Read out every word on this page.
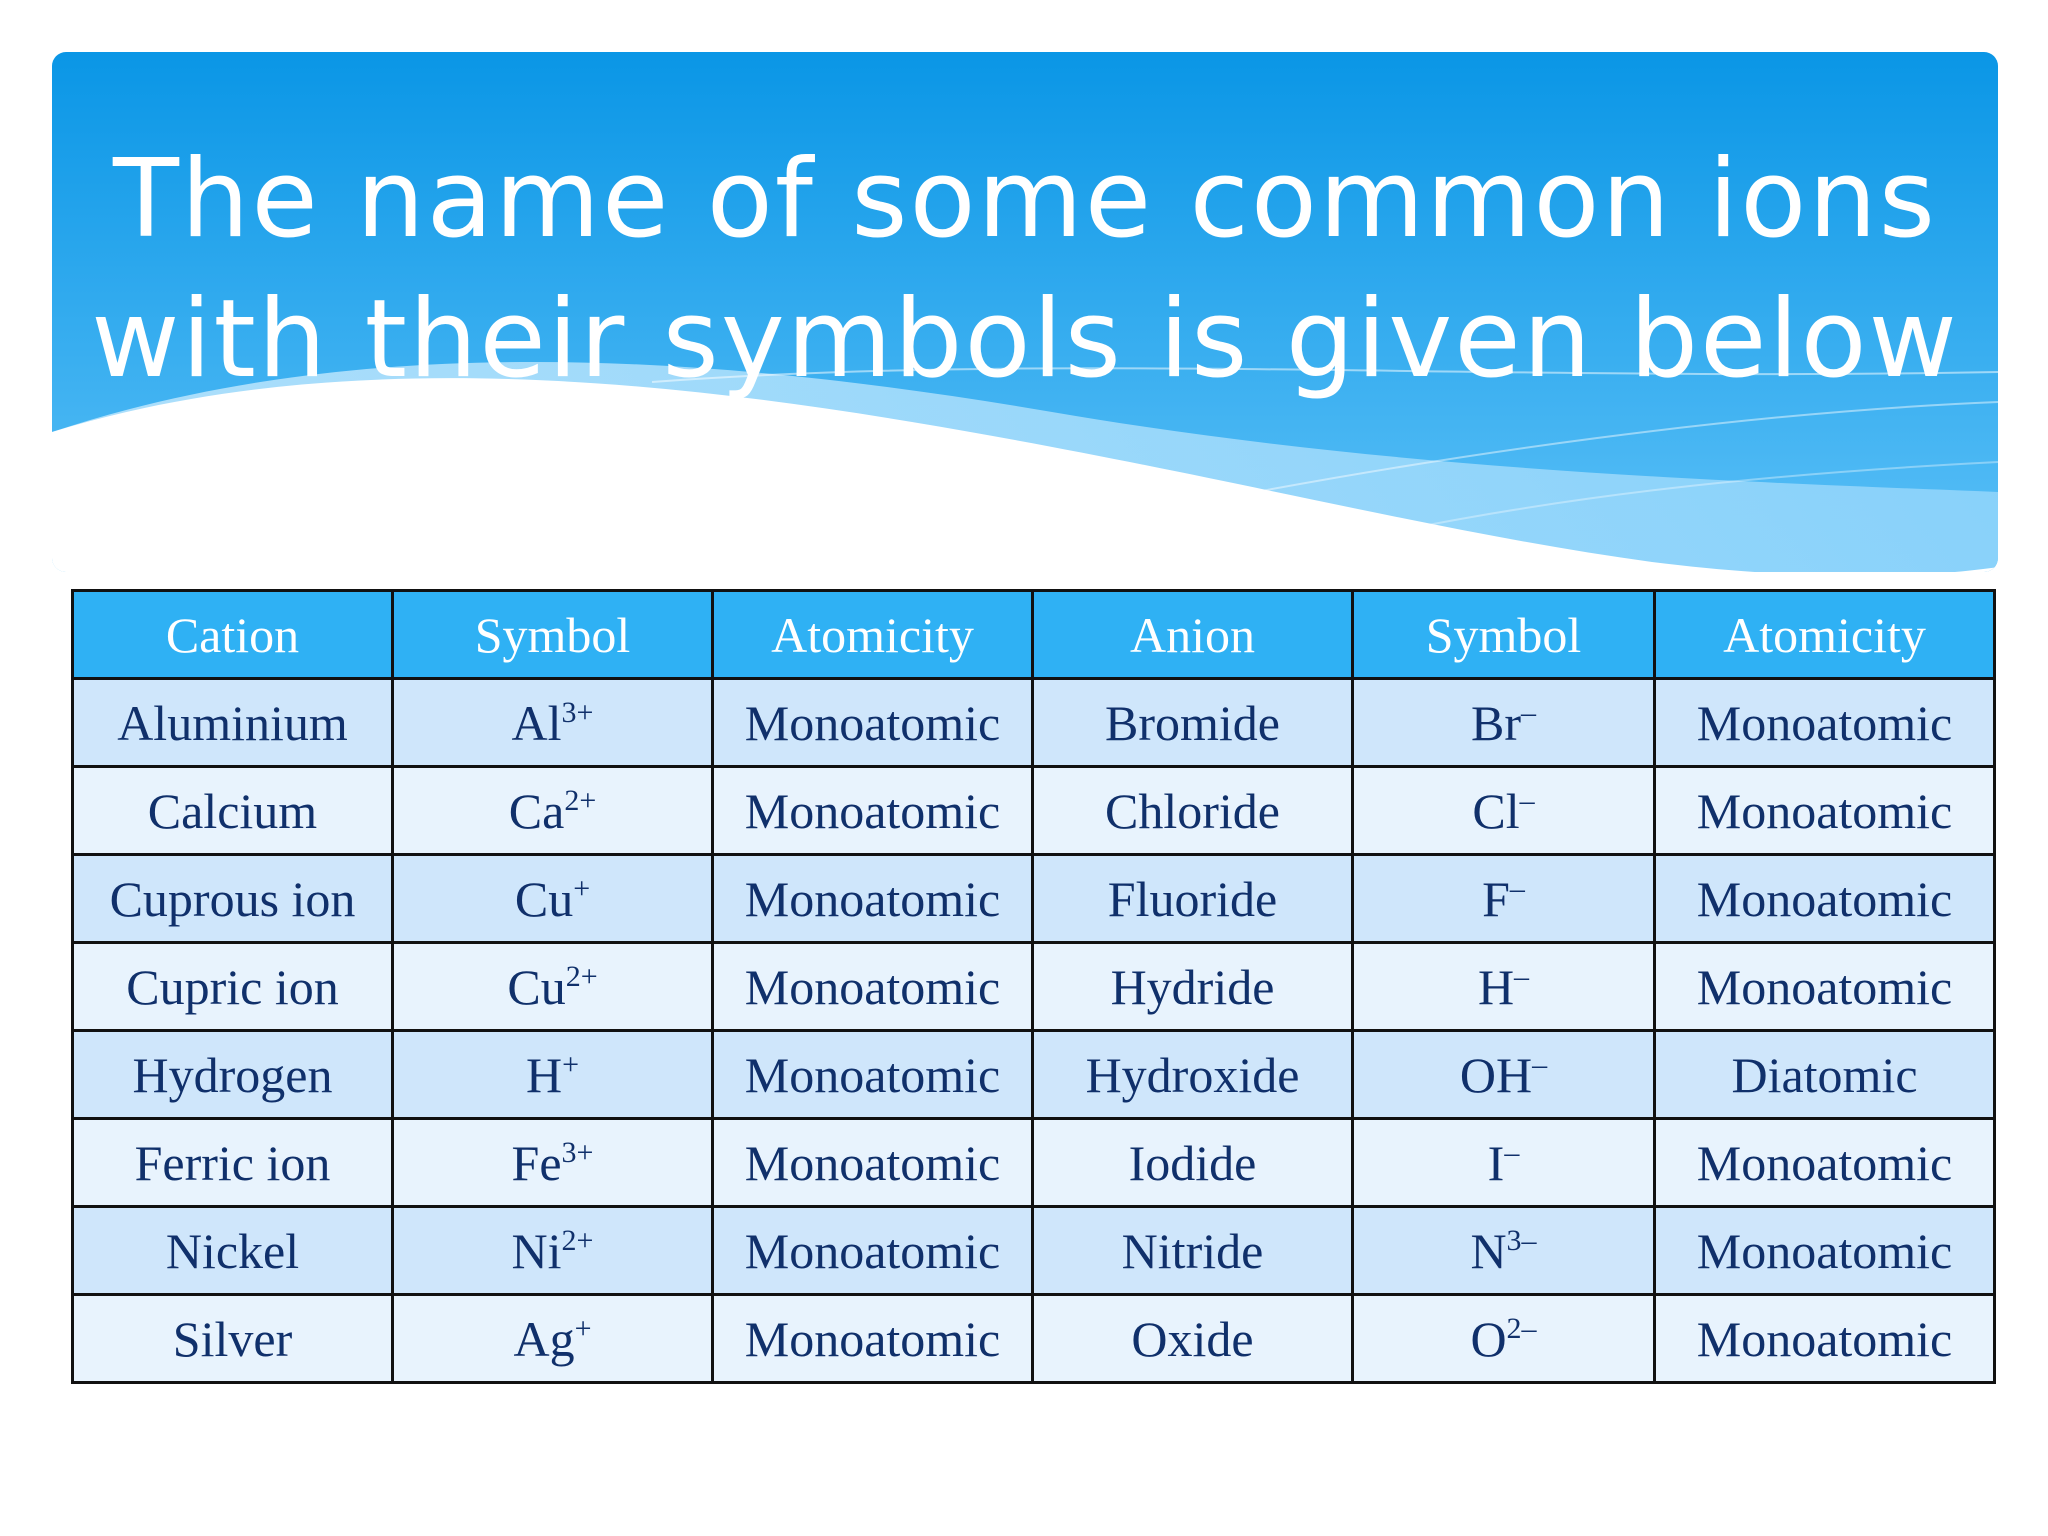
The name of some common ions
with their symbols is given below
Cation	Symbol	Atomicity	Anion	Symbol	Atomicity
Aluminium	$Al^{3+}$	Monoatomic	Bromide	Br–	Monoatomic
Calcium	$Ca^{2+}$	Monoatomic	Chloride	Cl–	Monoatomic
Cuprous ion	Cu+	Monoatomic	Fluoride	F–	Monoatomic
Cupric ion	$Cu^{2+}$	Monoatomic	Hydride	H–	Monoatomic
Hydrogen	H+	Monoatomic	Hydroxide	OH–	Diatomic
Ferric ion	$Fe^{3+}$	Monoatomic	Iodide	I–	Monoatomic
Nickel	$Ni^{2+}$	Monoatomic	Nitride	$N^{3-}$	Monoatomic
Silver	Ag+	Monoatomic	Oxide	$O^{2-}$	Monoatomic
